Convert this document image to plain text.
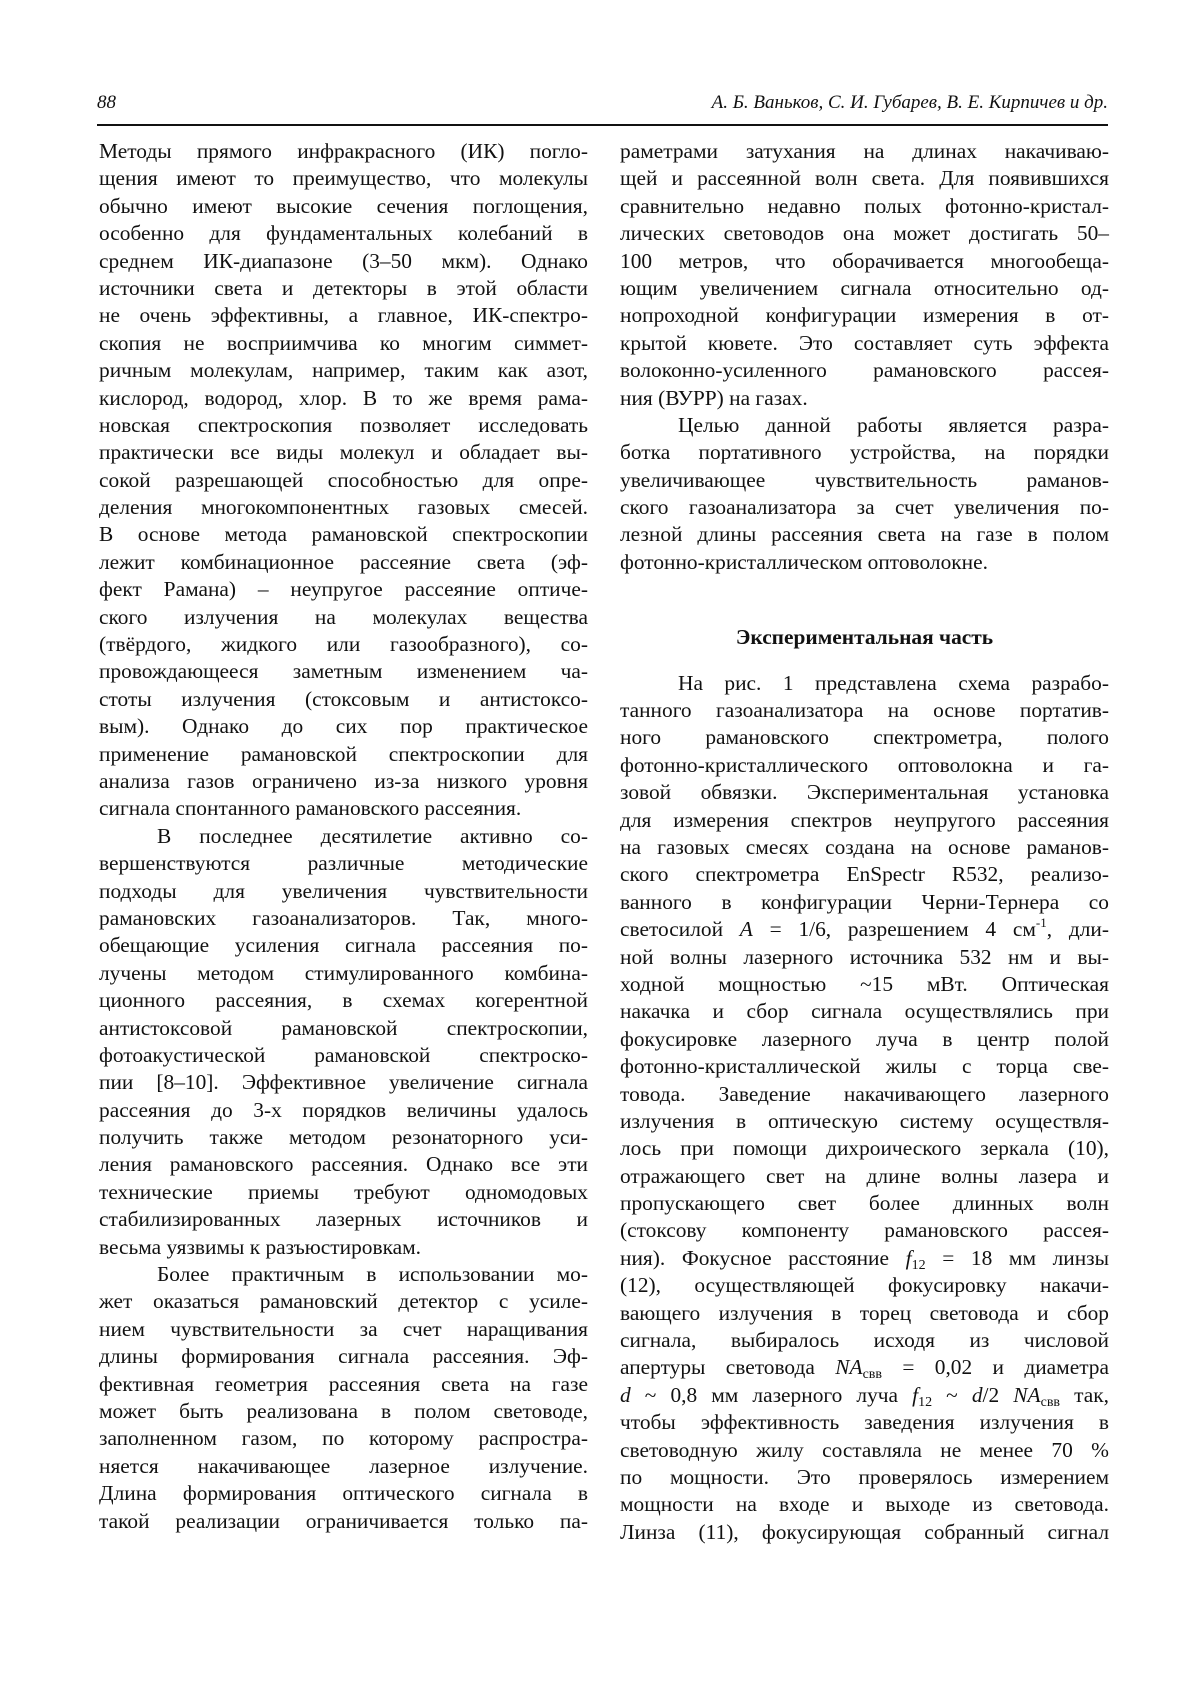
88	А. Б. Ваньков, С. И. Губарев, В. Е. Кирпичев и др.
Методы прямого инфракрасного (ИК) погло-
щения имеют то преимущество, что молекулы
обычно имеют высокие сечения поглощения,
особенно для фундаментальных колебаний в
среднем ИК-диапазоне (3–50 мкм). Однако
источники света и детекторы в этой области
не очень эффективны, а главное, ИК-спектро-
скопия не восприимчива ко многим симмет-
ричным молекулам, например, таким как азот,
кислород, водород, хлор. В то же время рама-
новская спектроскопия позволяет исследовать
практически все виды молекул и обладает вы-
сокой разрешающей способностью для опре-
деления многокомпонентных газовых смесей.
В основе метода рамановской спектроскопии
лежит комбинационное рассеяние света (эф-
фект Рамана) – неупругое рассеяние оптиче-
ского излучения на молекулах вещества
(твёрдого, жидкого или газообразного), со-
провождающееся заметным изменением ча-
стоты излучения (стоксовым и антистоксо-
вым). Однако до сих пор практическое
применение рамановской спектроскопии для
анализа газов ограничено из-за низкого уровня
сигнала спонтанного рамановского рассеяния.
В последнее десятилетие активно со-
вершенствуются различные методические
подходы для увеличения чувствительности
рамановских газоанализаторов. Так, много-
обещающие усиления сигнала рассеяния по-
лучены методом стимулированного комбина-
ционного рассеяния, в схемах когерентной
антистоксовой рамановской спектроскопии,
фотоакустической рамановской спектроско-
пии [8–10]. Эффективное увеличение сигнала
рассеяния до 3-х порядков величины удалось
получить также методом резонаторного уси-
ления рамановского рассеяния. Однако все эти
технические приемы требуют одномодовых
стабилизированных лазерных источников и
весьма уязвимы к разъюстировкам.
Более практичным в использовании мо-
жет оказаться рамановский детектор с усиле-
нием чувствительности за счет наращивания
длины формирования сигнала рассеяния. Эф-
фективная геометрия рассеяния света на газе
может быть реализована в полом световоде,
заполненном газом, по которому распростра-
няется накачивающее лазерное излучение.
Длина формирования оптического сигнала в
такой реализации ограничивается только па-
раметрами затухания на длинах накачиваю-
щей и рассеянной волн света. Для появившихся
сравнительно недавно полых фотонно-кристал-
лических световодов она может достигать 50–
100 метров, что оборачивается многообеща-
ющим увеличением сигнала относительно од-
нопроходной конфигурации измерения в от-
крытой кювете. Это составляет суть эффекта
волоконно-усиленного рамановского рассея-
ния (ВУРР) на газах.
Целью данной работы является разра-
ботка портативного устройства, на порядки
увеличивающее чувствительность раманов-
ского газоанализатора за счет увеличения по-
лезной длины рассеяния света на газе в полом
фотонно-кристаллическом оптоволокне.
Экспериментальная часть
На рис. 1 представлена схема разрабо-
танного газоанализатора на основе портатив-
ного рамановского спектрометра, полого
фотонно-кристаллического оптоволокна и га-
зовой обвязки. Экспериментальная установка
для измерения спектров неупругого рассеяния
на газовых смесях создана на основе раманов-
ского спектрометра EnSpectr R532, реализо-
ванного в конфигурации Черни-Тернера со
светосилой A = 1/6, разрешением 4 $см^{-1}$, дли-
ной волны лазерного источника 532 нм и вы-
ходной мощностью ~15 мВт. Оптическая
накачка и сбор сигнала осуществлялись при
фокусировке лазерного луча в центр полой
фотонно-кристаллической жилы с торца све-
товода. Заведение накачивающего лазерного
излучения в оптическую систему осуществля-
лось при помощи дихроического зеркала (10),
отражающего свет на длине волны лазера и
пропускающего свет более длинных волн
(стоксову компоненту рамановского рассея-
ния). Фокусное расстояние $f_{12} = 18$ мм линзы
(12), осуществляющей фокусировку накачи-
вающего излучения в торец световода и сбор
сигнала, выбиралось исходя из числовой
апертуры световода $NA_{свв} = 0,02$ и диаметра
d ~ 0,8 мм лазерного луча $f_{12}$ ~ d/2 $NA_{свв}$ так,
чтобы эффективность заведения излучения в
световодную жилу составляла не менее 70 %
по мощности. Это проверялось измерением
мощности на входе и выходе из световода.
Линза (11), фокусирующая собранный сигнал
